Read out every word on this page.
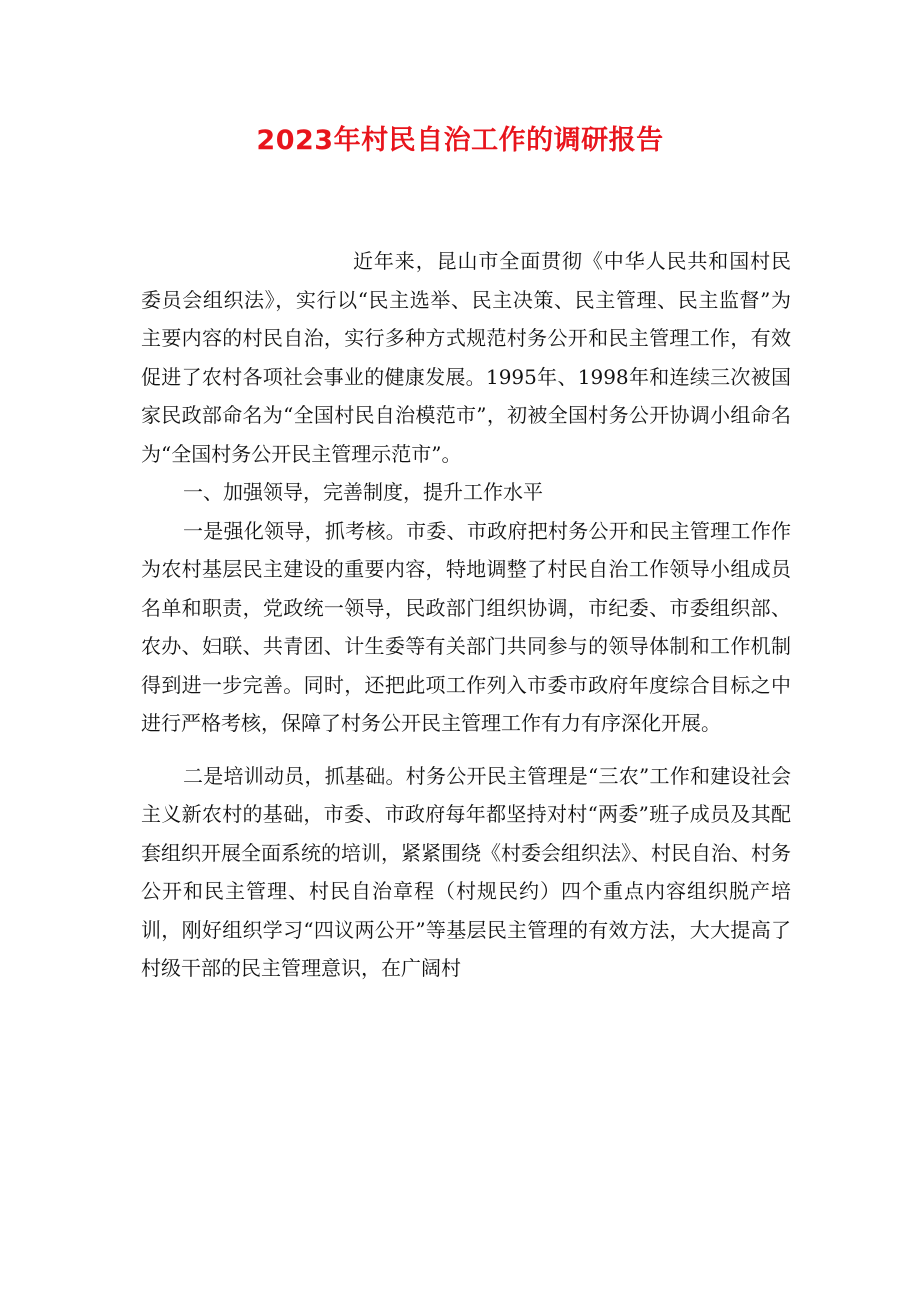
2023年村民自治工作的调研报告

近年来，昆山市全面贯彻《中华人民共和国村民委员会组织法》，实行以“民主选举、民主决策、民主管理、民主监督”为主要内容的村民自治，实行多种方式规范村务公开和民主管理工作，有效促进了农村各项社会事业的健康发展。1995年、1998年和连续三次被国家民政部命名为“全国村民自治模范市”，初被全国村务公开协调小组命名为“全国村务公开民主管理示范市”。

一、加强领导，完善制度，提升工作水平

一是强化领导，抓考核。市委、市政府把村务公开和民主管理工作作为农村基层民主建设的重要内容，特地调整了村民自治工作领导小组成员名单和职责，党政统一领导，民政部门组织协调，市纪委、市委组织部、农办、妇联、共青团、计生委等有关部门共同参与的领导体制和工作机制得到进一步完善。同时，还把此项工作列入市委市政府年度综合目标之中进行严格考核，保障了村务公开民主管理工作有力有序深化开展。

二是培训动员，抓基础。村务公开民主管理是“三农”工作和建设社会主义新农村的基础，市委、市政府每年都坚持对村“两委”班子成员及其配套组织开展全面系统的培训，紧紧围绕《村委会组织法》、村民自治、村务公开和民主管理、村民自治章程（村规民约）四个重点内容组织脱产培训，刚好组织学习“四议两公开”等基层民主管理的有效方法，大大提高了村级干部的民主管理意识，在广阔村
